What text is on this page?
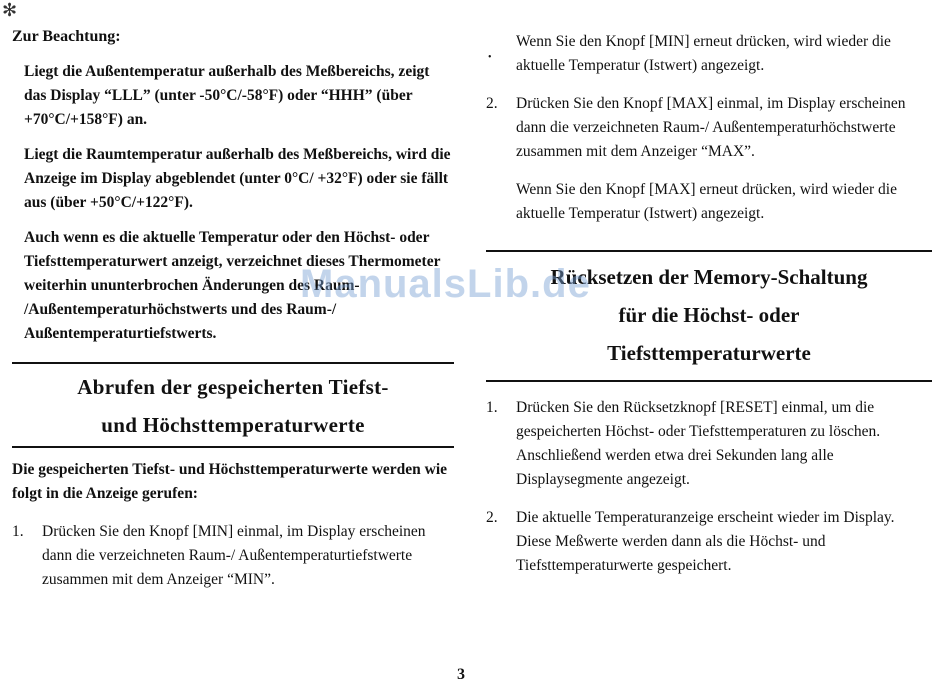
✻
Zur Beachtung:

Liegt die Außentemperatur außerhalb des Meßbereichs, zeigt das Display “LLL” (unter -50°C/-58°F) oder “HHH” (über +70°C/+158°F) an.

Liegt die Raumtemperatur außerhalb des Meßbereichs, wird die Anzeige im Display abgeblendet (unter 0°C/ +32°F) oder sie fällt aus (über +50°C/+122°F).

Auch wenn es die aktuelle Temperatur oder den Höchst- oder Tiefsttemperaturwert anzeigt, verzeichnet dieses Thermometer weiterhin ununterbrochen Änderungen des Raum- /Außentemperaturhöchstwerts und des Raum-/ Außentemperaturtiefstwerts.

Abrufen der gespeicherten Tiefst-
und Höchsttemperaturwerte

Die gespeicherten Tiefst- und Höchsttemperaturwerte werden wie folgt in die Anzeige gerufen:

1. Drücken Sie den Knopf [MIN] einmal, im Display erscheinen dann die verzeichneten Raum-/ Außentemperaturtiefstwerte zusammen mit dem Anzeiger “MIN”.
•
Wenn Sie den Knopf [MIN] erneut drücken, wird wieder die aktuelle Temperatur (Istwert) angezeigt.
2. Drücken Sie den Knopf [MAX] einmal, im Display erscheinen dann die verzeichneten Raum-/ Außentemperaturhöchstwerte zusammen mit dem Anzeiger “MAX”.
Wenn Sie den Knopf [MAX] erneut drücken, wird wieder die aktuelle Temperatur (Istwert) angezeigt.
Rücksetzen der Memory-Schaltung
für die Höchst- oder
Tiefsttemperaturwerte
1. Drücken Sie den Rücksetzknopf [RESET] einmal, um die gespeicherten Höchst- oder Tiefsttemperaturen zu löschen. Anschließend werden etwa drei Sekunden lang alle Displaysegmente angezeigt.
2. Die aktuelle Temperaturanzeige erscheint wieder im Display. Diese Meßwerte werden dann als die Höchst- und Tiefsttemperaturwerte gespeichert.
ManualsLib.de
3
